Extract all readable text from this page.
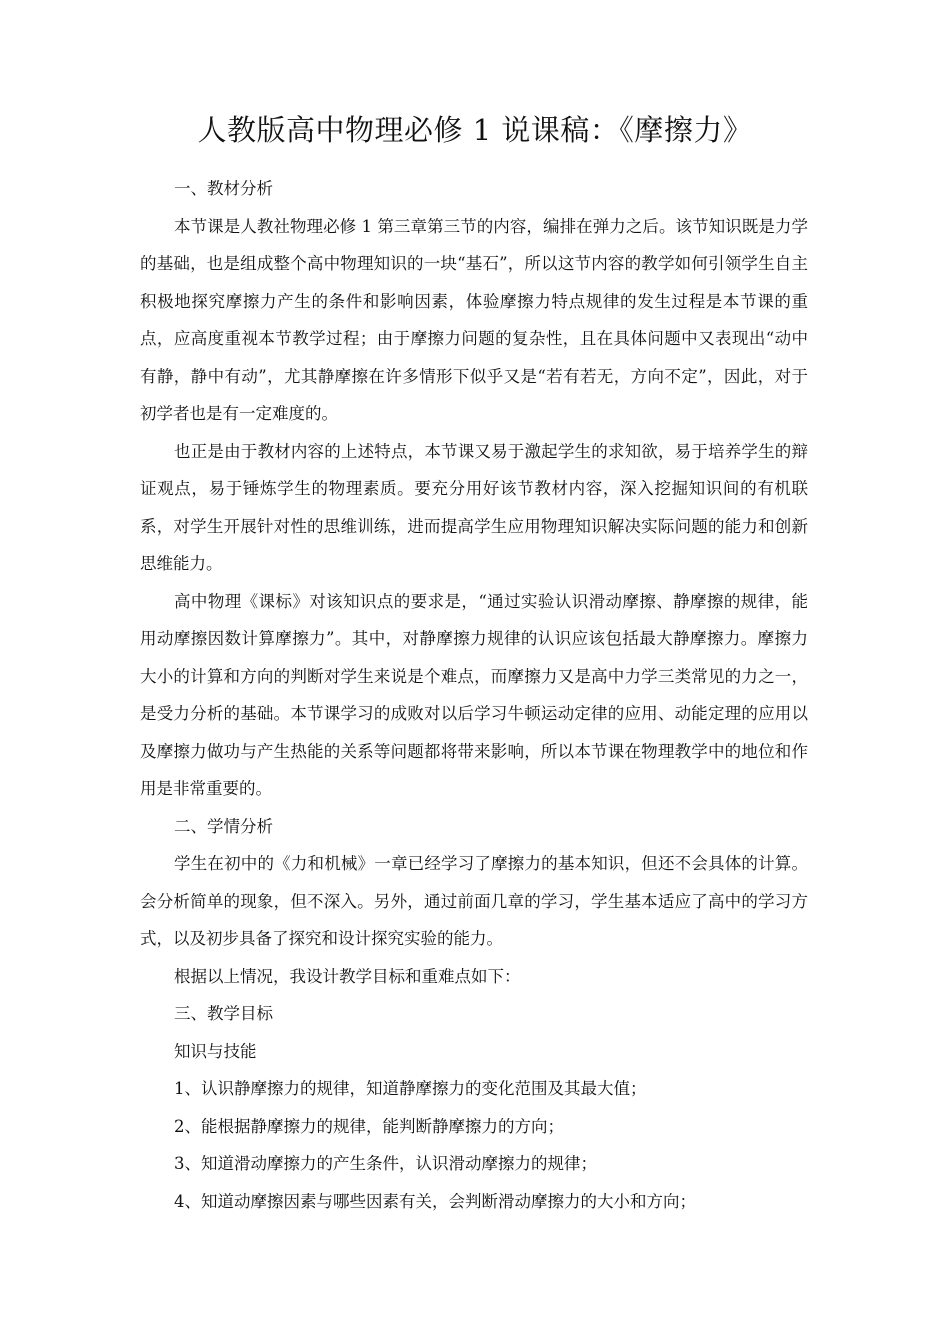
人教版高中物理必修 1 说课稿：《摩擦力》

一、教材分析

本节课是人教社物理必修 1 第三章第三节的内容，编排在弹力之后。该节知识既是力学的基础，也是组成整个高中物理知识的一块“基石”，所以这节内容的教学如何引领学生自主积极地探究摩擦力产生的条件和影响因素，体验摩擦力特点规律的发生过程是本节课的重点，应高度重视本节教学过程；由于摩擦力问题的复杂性，且在具体问题中又表现出“动中有静，静中有动”，尤其静摩擦在许多情形下似乎又是“若有若无，方向不定”，因此，对于初学者也是有一定难度的。

也正是由于教材内容的上述特点，本节课又易于激起学生的求知欲，易于培养学生的辩证观点，易于锤炼学生的物理素质。要充分用好该节教材内容，深入挖掘知识间的有机联系，对学生开展针对性的思维训练，进而提高学生应用物理知识解决实际问题的能力和创新思维能力。

高中物理《课标》对该知识点的要求是，“通过实验认识滑动摩擦、静摩擦的规律，能用动摩擦因数计算摩擦力”。其中，对静摩擦力规律的认识应该包括最大静摩擦力。摩擦力大小的计算和方向的判断对学生来说是个难点，而摩擦力又是高中力学三类常见的力之一，是受力分析的基础。本节课学习的成败对以后学习牛顿运动定律的应用、动能定理的应用以及摩擦力做功与产生热能的关系等问题都将带来影响，所以本节课在物理教学中的地位和作用是非常重要的。

二、学情分析

学生在初中的《力和机械》一章已经学习了摩擦力的基本知识，但还不会具体的计算。会分析简单的现象，但不深入。另外，通过前面几章的学习，学生基本适应了高中的学习方式，以及初步具备了探究和设计探究实验的能力。

根据以上情况，我设计教学目标和重难点如下：

三、教学目标

知识与技能

1、认识静摩擦力的规律，知道静摩擦力的变化范围及其最大值；

2、能根据静摩擦力的规律，能判断静摩擦力的方向；

3、知道滑动摩擦力的产生条件，认识滑动摩擦力的规律；

4、知道动摩擦因素与哪些因素有关，会判断滑动摩擦力的大小和方向；
